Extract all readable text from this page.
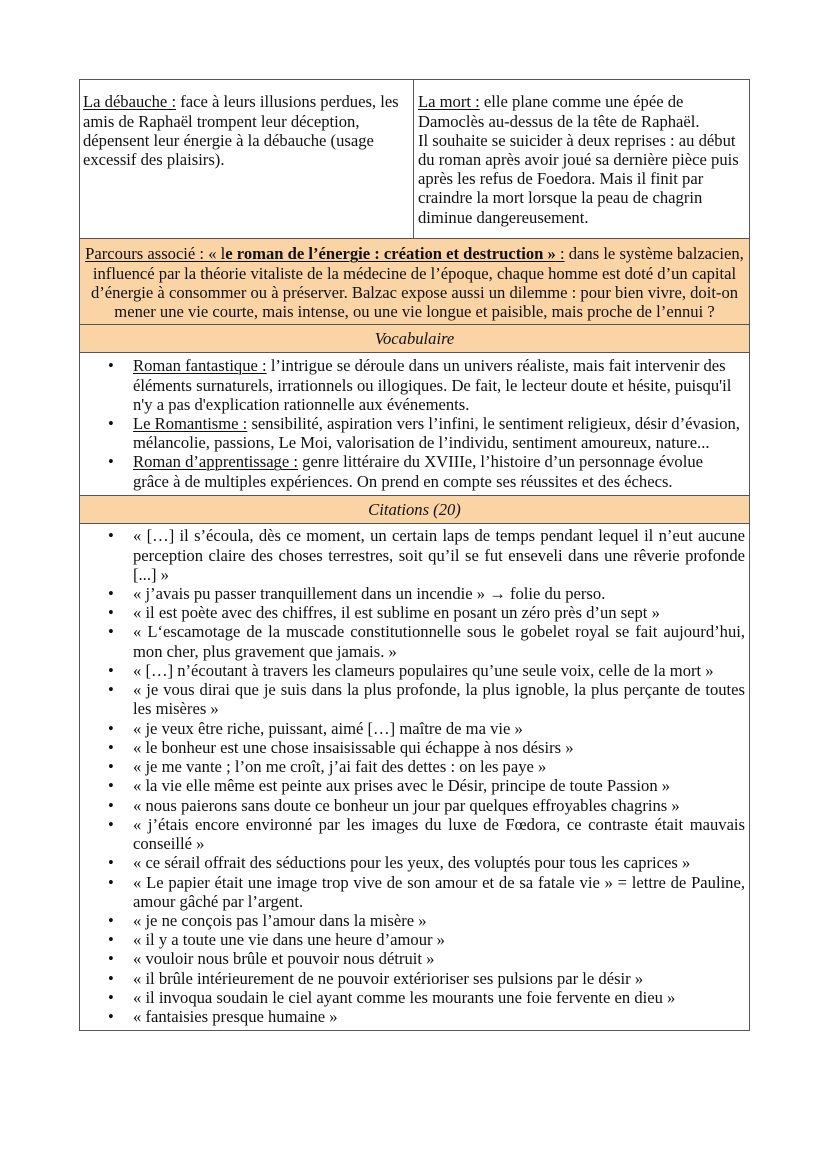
La débauche : face à leurs illusions perdues, les
amis de Raphaël trompent leur déception,
dépensent leur énergie à la débauche (usage
excessif des plaisirs).
La mort : elle plane comme une épée de
Damoclès au-dessus de la tête de Raphaël.
Il souhaite se suicider à deux reprises : au début
du roman après avoir joué sa dernière pièce puis
après les refus de Foedora. Mais il finit par
craindre la mort lorsque la peau de chagrin
diminue dangereusement.
Parcours associé : « le roman de l’énergie : création et destruction » : dans le système balzacien,
influencé par la théorie vitaliste de la médecine de l’époque, chaque homme est doté d’un capital
d’énergie à consommer ou à préserver. Balzac expose aussi un dilemme : pour bien vivre, doit-on
mener une vie courte, mais intense, ou une vie longue et paisible, mais proche de l’ennui ?
Vocabulaire
•
Roman fantastique : l’intrigue se déroule dans un univers réaliste, mais fait intervenir des
éléments surnaturels, irrationnels ou illogiques. De fait, le lecteur doute et hésite, puisqu'il
n'y a pas d'explication rationnelle aux événements.
•
Le Romantisme : sensibilité, aspiration vers l’infini, le sentiment religieux, désir d’évasion,
mélancolie, passions, Le Moi, valorisation de l’individu, sentiment amoureux, nature...
•
Roman d’apprentissage : genre littéraire du XVIIIe, l’histoire d’un personnage évolue
grâce à de multiples expériences. On prend en compte ses réussites et des échecs.
Citations (20)
•
« […] il s’écoula, dès ce moment, un certain laps de temps pendant lequel il n’eut aucune
perception claire des choses terrestres, soit qu’il se fut enseveli dans une rêverie profonde
[...] »
•
« j’avais pu passer tranquillement dans un incendie » → folie du perso.
•
« il est poète avec des chiffres, il est sublime en posant un zéro près d’un sept »
•
« L‘escamotage de la muscade constitutionnelle sous le gobelet royal se fait aujourd’hui,
mon cher, plus gravement que jamais. »
•
« […] n’écoutant à travers les clameurs populaires qu’une seule voix, celle de la mort »
•
« je vous dirai que je suis dans la plus profonde, la plus ignoble, la plus perçante de toutes
les misères »
•
« je veux être riche, puissant, aimé […] maître de ma vie »
•
« le bonheur est une chose insaisissable qui échappe à nos désirs »
•
« je me vante ; l’on me croît, j’ai fait des dettes : on les paye »
•
« la vie elle même est peinte aux prises avec le Désir, principe de toute Passion »
•
« nous paierons sans doute ce bonheur un jour par quelques effroyables chagrins »
•
« j’étais encore environné par les images du luxe de Fœdora, ce contraste était mauvais
conseillé »
•
« ce sérail offrait des séductions pour les yeux, des voluptés pour tous les caprices »
•
« Le papier était une image trop vive de son amour et de sa fatale vie » = lettre de Pauline,
amour gâché par l’argent.
•
« je ne conçois pas l’amour dans la misère »
•
« il y a toute une vie dans une heure d’amour »
•
« vouloir nous brûle et pouvoir nous détruit »
•
« il brûle intérieurement de ne pouvoir extérioriser ses pulsions par le désir »
•
« il invoqua soudain le ciel ayant comme les mourants une foie fervente en dieu »
•
« fantaisies presque humaine »
